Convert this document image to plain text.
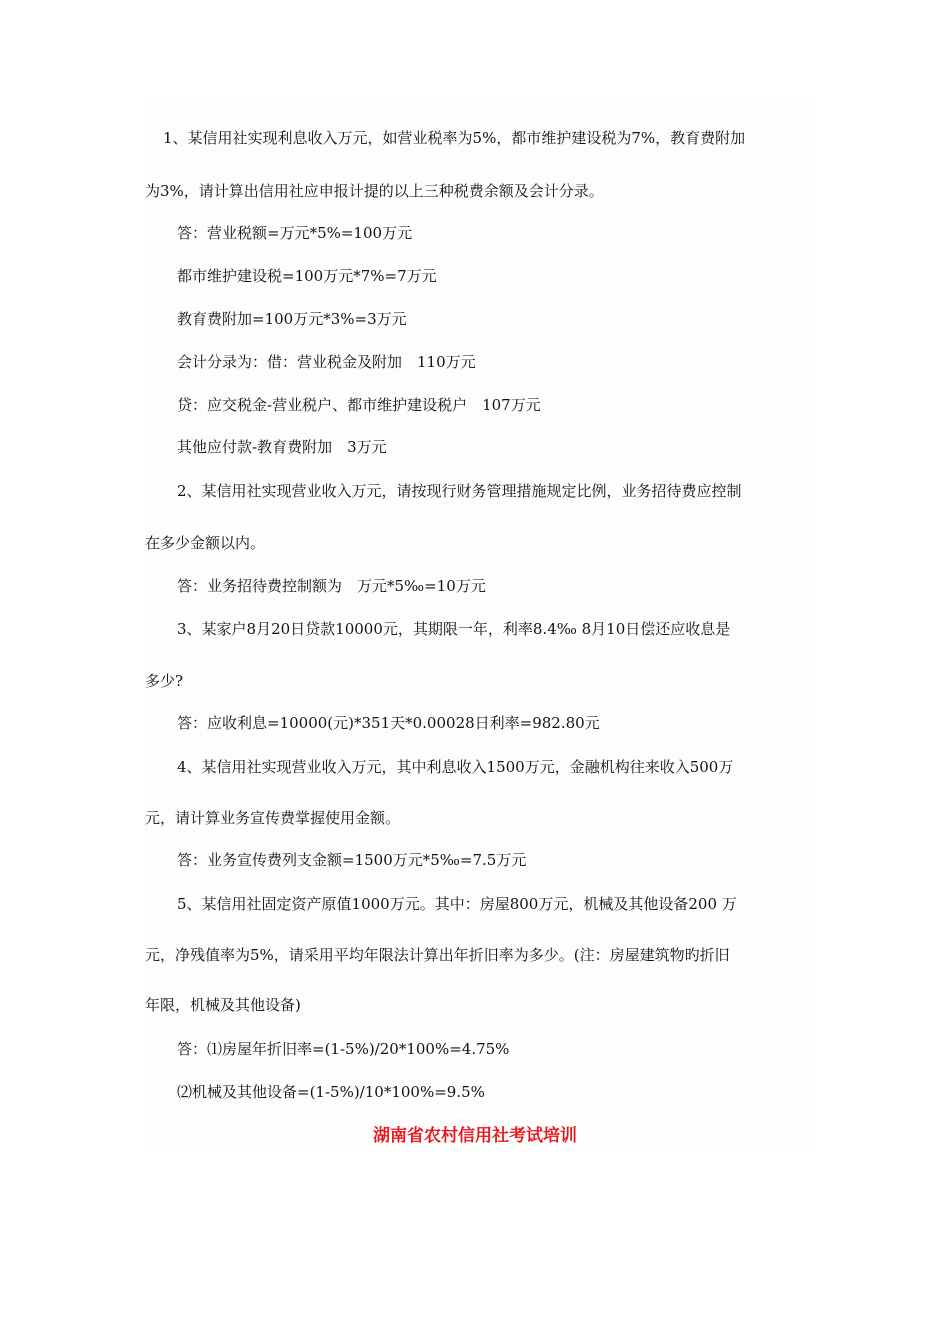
1、某信用社实现利息收入万元，如营业税率为5%，都市维护建设税为7%，教育费附加
为3%，请计算出信用社应申报计提的以上三种税费余额及会计分录。
答：营业税额=万元*5%=100万元
都市维护建设税=100万元*7%=7万元
教育费附加=100万元*3%=3万元
会计分录为：借：营业税金及附加　110万元
贷：应交税金-营业税户、都市维护建设税户　107万元
其他应付款-教育费附加　3万元
2、某信用社实现营业收入万元，请按现行财务管理措施规定比例，业务招待费应控制
在多少金额以内。
答：业务招待费控制额为　万元*5‰=10万元
3、某家户8月20日贷款10000元，其期限一年，利率8.4‰ 8月10日偿还应收息是
多少?
答：应收利息=10000(元)*351天*0.00028日利率=982.80元
4、某信用社实现营业收入万元，其中利息收入1500万元，金融机构往来收入500万
元，请计算业务宣传费掌握使用金额。
答：业务宣传费列支金额=1500万元*5‰=7.5万元
5、某信用社固定资产原值1000万元。其中：房屋800万元，机械及其他设备200 万
元，净残值率为5%，请采用平均年限法计算出年折旧率为多少。(注：房屋建筑物旳折旧
年限，机械及其他设备)
答：⑴房屋年折旧率=(1-5%)/20*100%=4.75%
⑵机械及其他设备=(1-5%)/10*100%=9.5%
湖南省农村信用社考试培训
